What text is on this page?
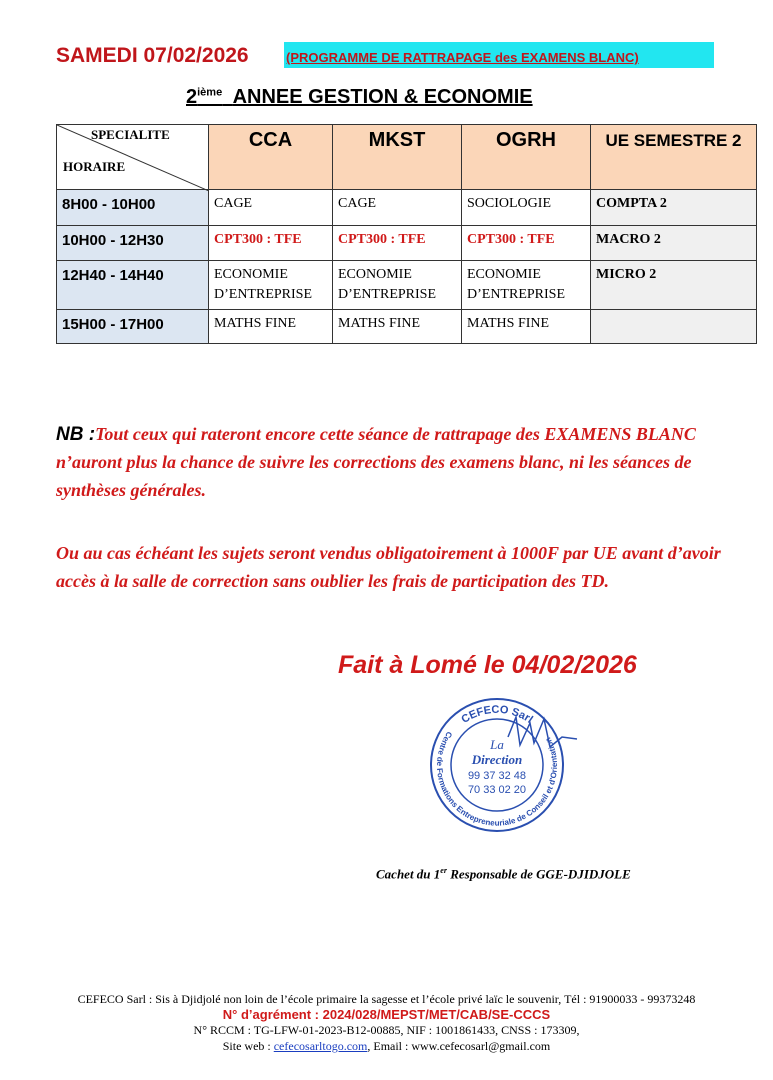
SAMEDI 07/02/2026	(PROGRAMME DE RATTRAPAGE des EXAMENS BLANC)
2ième ANNEE GESTION & ECONOMIE
SPECIALITE
HORAIRE	CCA	MKST	OGRH	UE SEMESTRE 2
8H00 - 10H00	CAGE	CAGE	SOCIOLOGIE	COMPTA 2
10H00 - 12H30	CPT300 : TFE	CPT300 : TFE	CPT300 : TFE	MACRO 2
12H40 - 14H40	ECONOMIE D’ENTREPRISE	ECONOMIE D’ENTREPRISE	ECONOMIE D’ENTREPRISE	MICRO 2
15H00 - 17H00	MATHS FINE	MATHS FINE	MATHS FINE	
NB :Tout ceux qui rateront encore cette séance de rattrapage des EXAMENS BLANC n’auront plus la chance de suivre les corrections des examens blanc, ni les séances de synthèses générales.
Ou au cas échéant les sujets seront vendus obligatoirement à 1000F par UE avant d’avoir accès à la salle de correction sans oublier les frais de participation des TD.
Fait à Lomé le 04/02/2026
Centre de Formations Entrepreneuriale de Conseil et d'Orientation
CEFECO Sarl
La
Direction
99 37 32 48
70 33 02 20
Cachet du 1er Responsable de GGE-DJIDJOLE
CEFECO Sarl : Sis à Djidjolé non loin de l’école primaire la sagesse et l’école privé laïc le souvenir, Tél : 91900033 - 99373248
N° d’agrément : 2024/028/MEPST/MET/CAB/SE-CCCS
N° RCCM : TG-LFW-01-2023-B12-00885, NIF : 1001861433, CNSS : 173309,
Site web : cefecosarltogo.com, Email : www.cefecosarl@gmail.com
